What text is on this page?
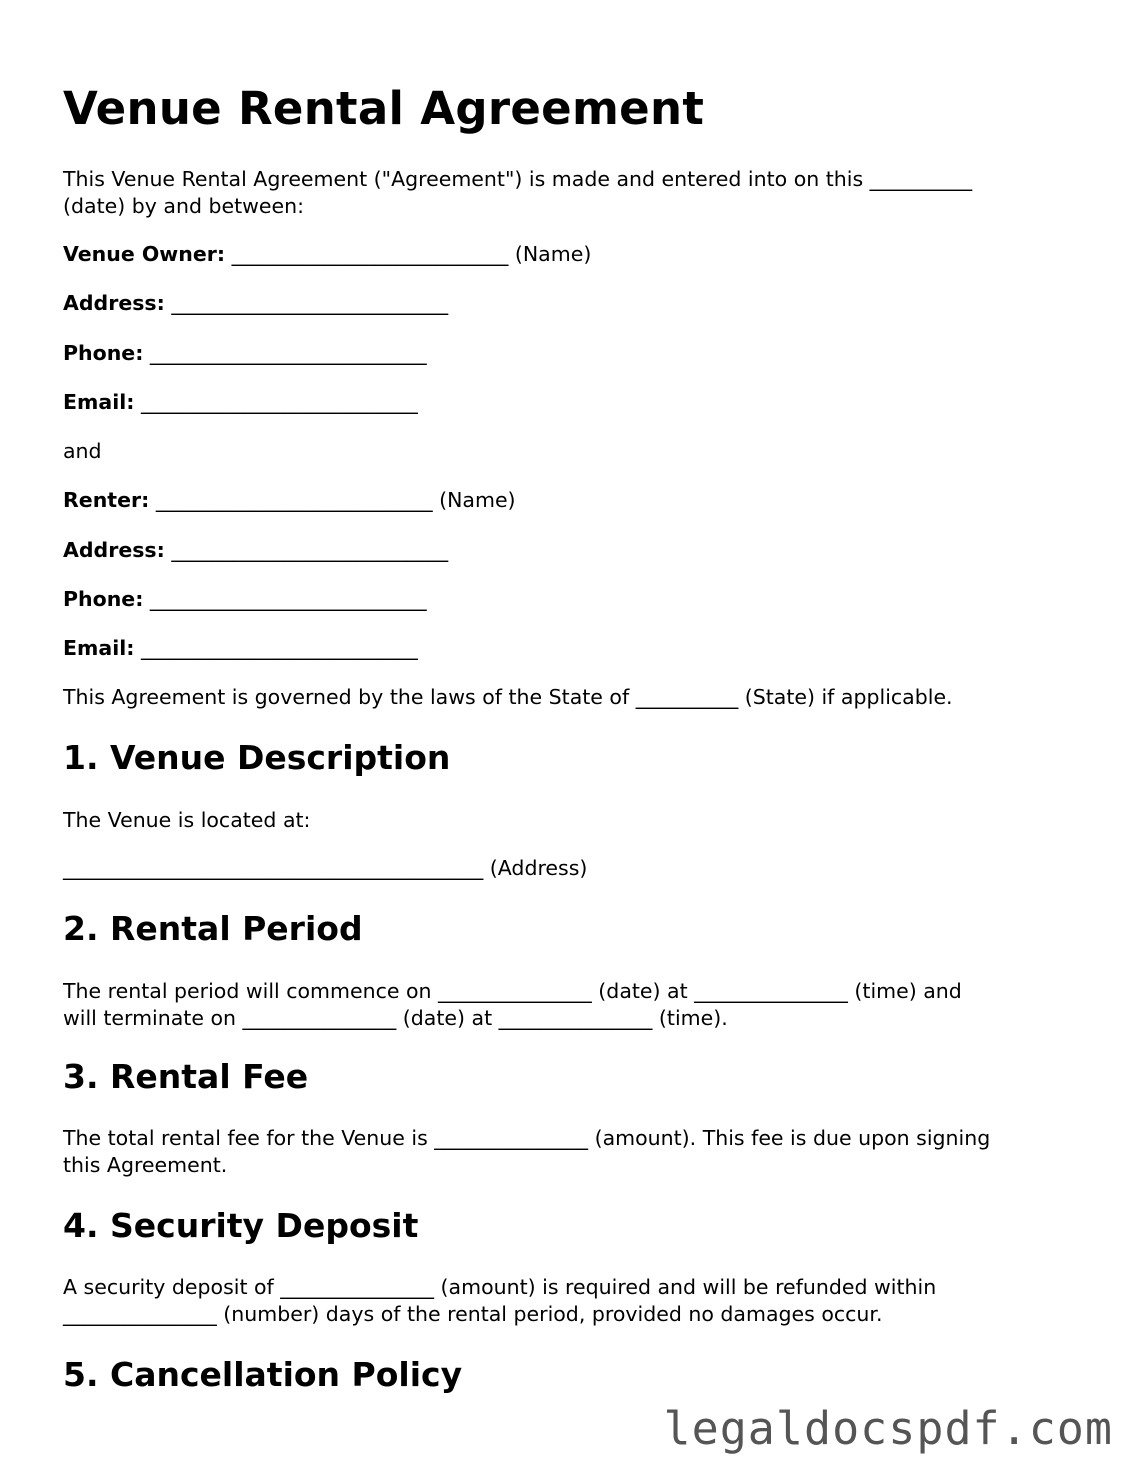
Venue Rental Agreement

This Venue Rental Agreement ("Agreement") is made and entered into on this __________

(date) by and between:

Venue Owner: ___________________________ (Name)

Address: ___________________________

Phone: ___________________________

Email: ___________________________

and

Renter: ___________________________ (Name)

Address: ___________________________

Phone: ___________________________

Email: ___________________________

This Agreement is governed by the laws of the State of __________ (State) if applicable.

1. Venue Description

The Venue is located at:

_________________________________________ (Address)

2. Rental Period

The rental period will commence on _______________ (date) at _______________ (time) and

will terminate on _______________ (date) at _______________ (time).

3. Rental Fee

The total rental fee for the Venue is _______________ (amount). This fee is due upon signing

this Agreement.

4. Security Deposit

A security deposit of _______________ (amount) is required and will be refunded within

_______________ (number) days of the rental period, provided no damages occur.

5. Cancellation Policy
legaldocspdf.com
